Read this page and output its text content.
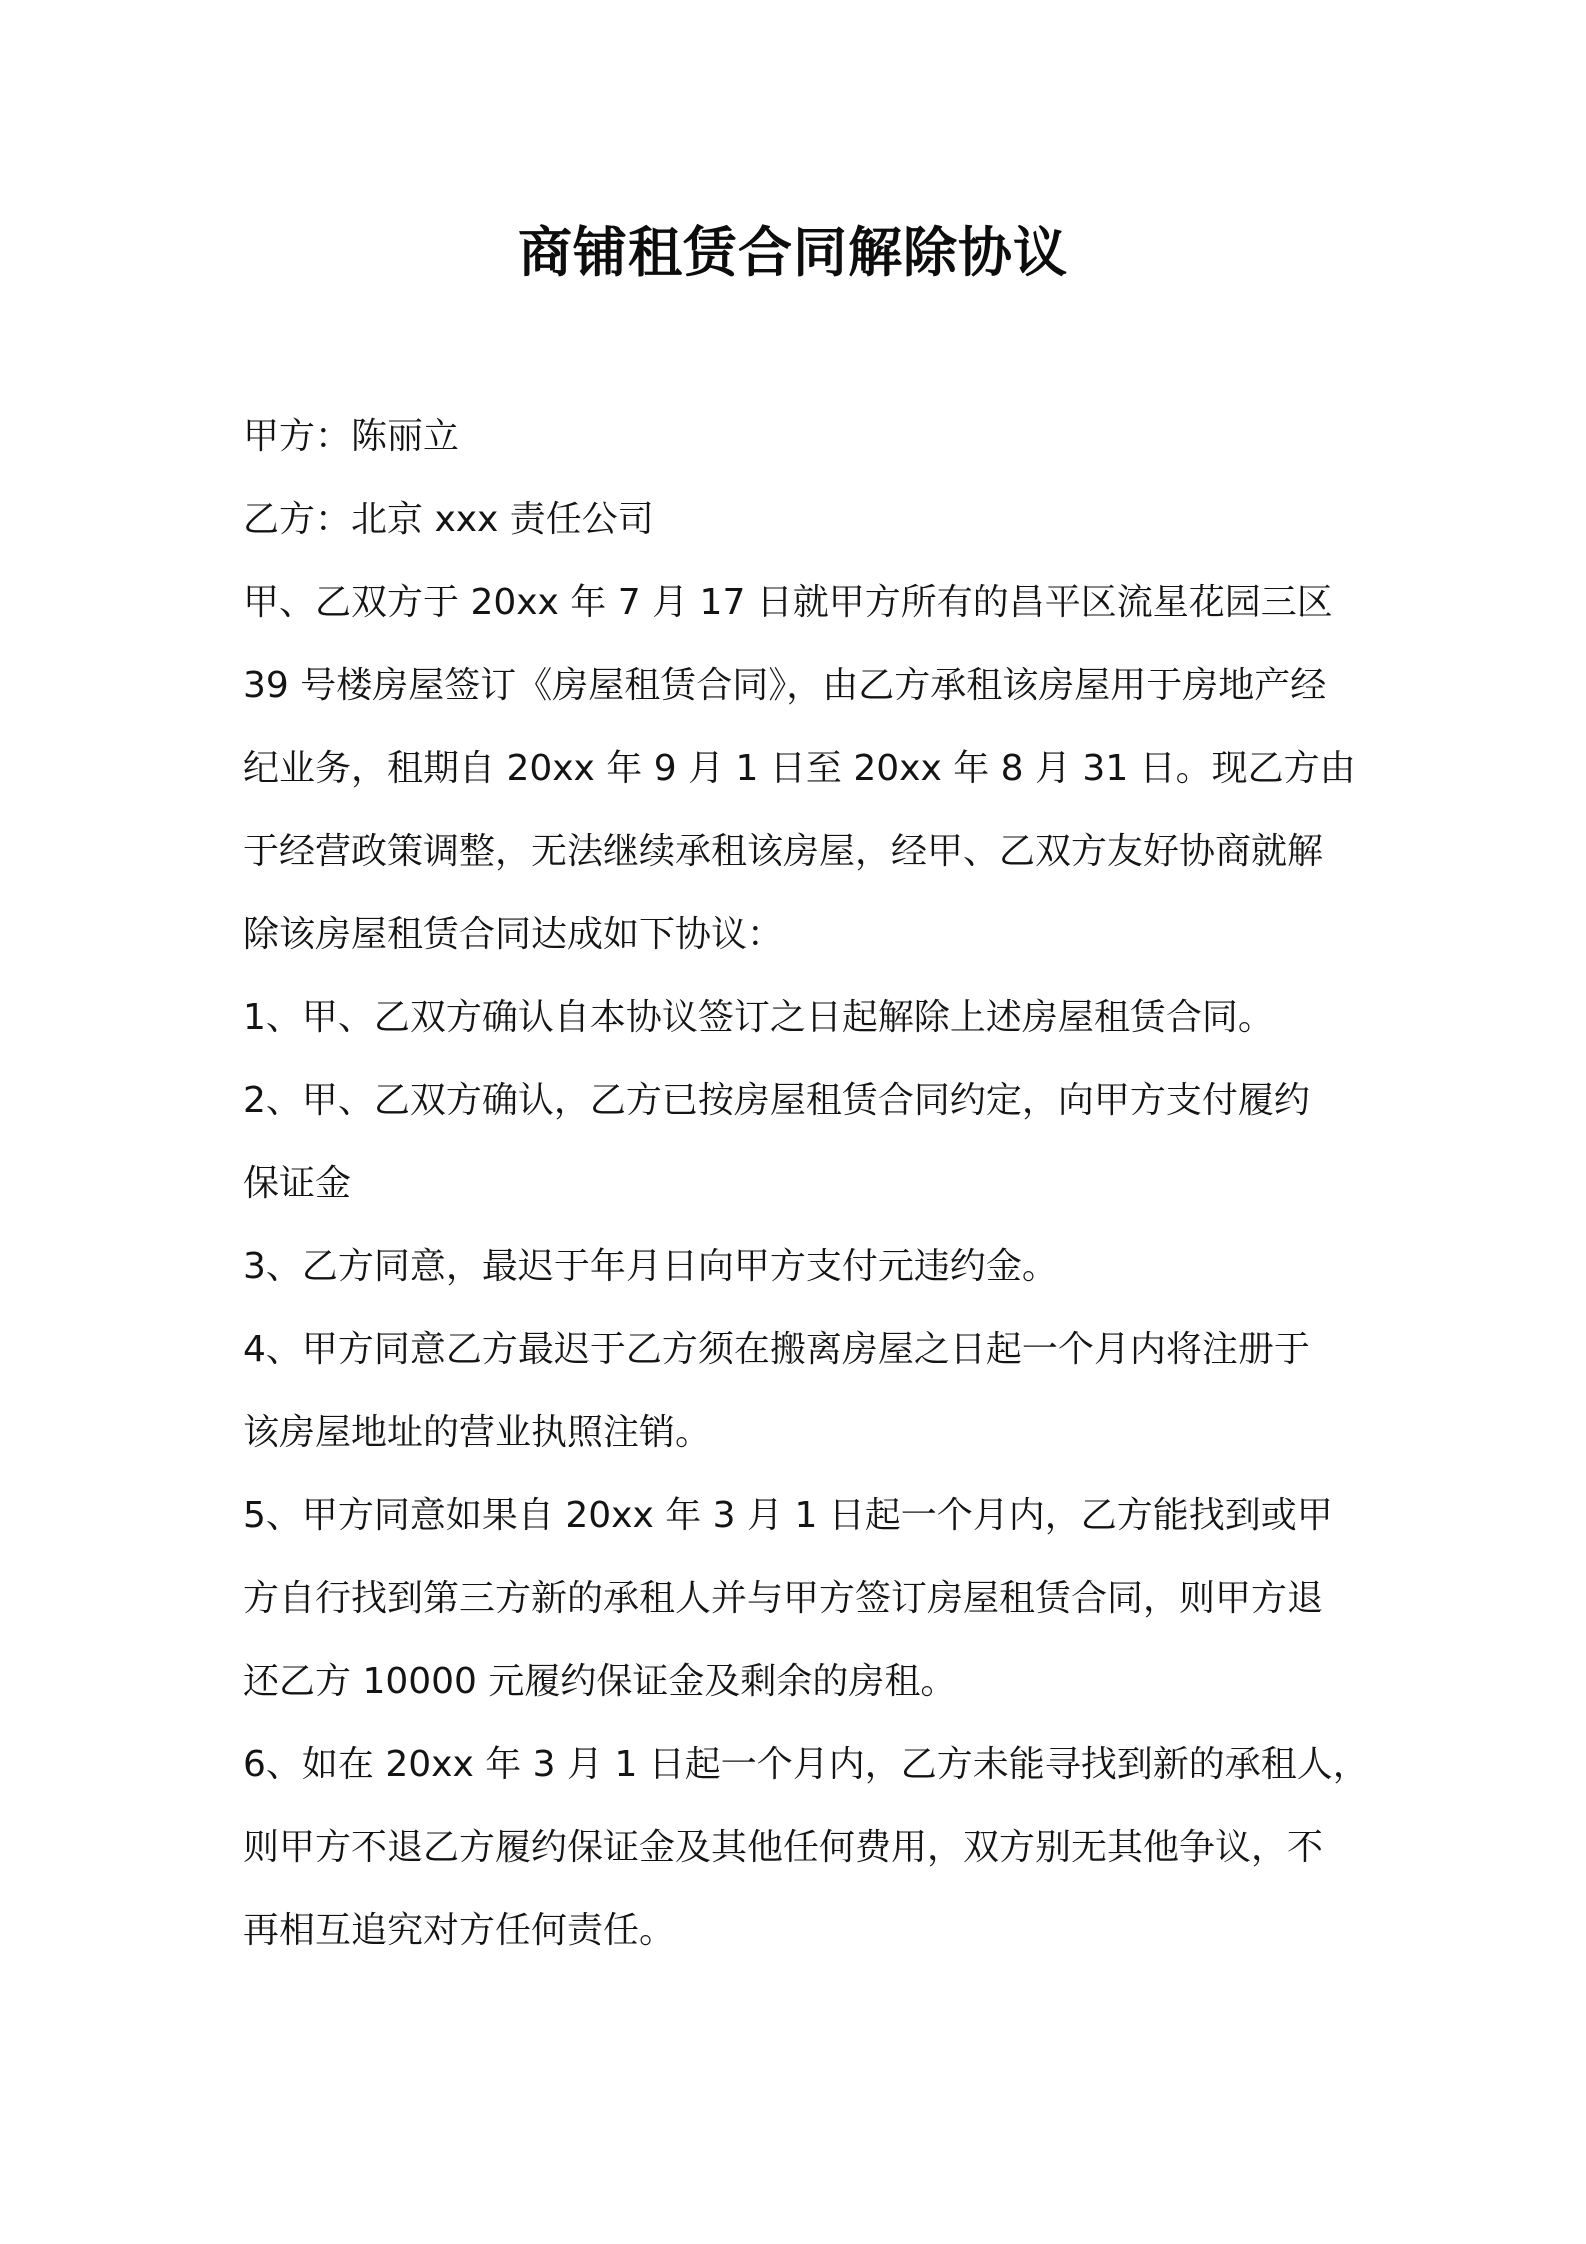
商铺租赁合同解除协议

甲方：陈丽立

乙方：北京 xxx 责任公司

甲、乙双方于 20xx 年 7 月 17 日就甲方所有的昌平区流星花园三区

39 号楼房屋签订《房屋租赁合同》，由乙方承租该房屋用于房地产经

纪业务，租期自 20xx 年 9 月 1 日至 20xx 年 8 月 31 日。现乙方由

于经营政策调整，无法继续承租该房屋，经甲、乙双方友好协商就解

除该房屋租赁合同达成如下协议：

1、甲、乙双方确认自本协议签订之日起解除上述房屋租赁合同。

2、甲、乙双方确认，乙方已按房屋租赁合同约定，向甲方支付履约

保证金

3、乙方同意，最迟于年月日向甲方支付元违约金。

4、甲方同意乙方最迟于乙方须在搬离房屋之日起一个月内将注册于

该房屋地址的营业执照注销。

5、甲方同意如果自 20xx 年 3 月 1 日起一个月内，乙方能找到或甲

方自行找到第三方新的承租人并与甲方签订房屋租赁合同，则甲方退

还乙方 10000 元履约保证金及剩余的房租。

6、如在 20xx 年 3 月 1 日起一个月内，乙方未能寻找到新的承租人，

则甲方不退乙方履约保证金及其他任何费用，双方别无其他争议，不

再相互追究对方任何责任。
